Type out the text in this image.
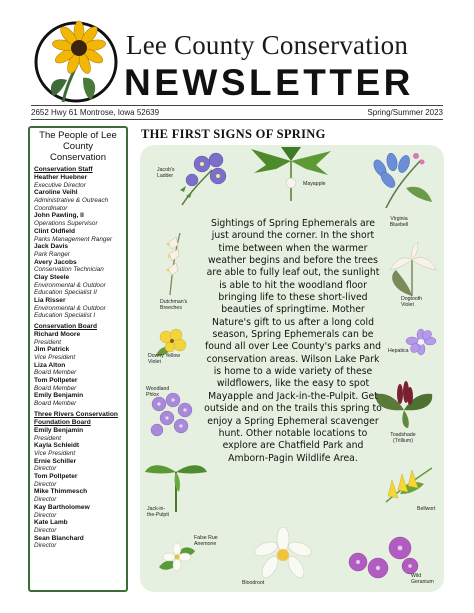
Lee County Conservation
NEWSLETTER
2652 Hwy 61 Montrose, Iowa 52639	Spring/Summer 2023
The People of Lee County Conservation
Conservation Staff
Heather Huebner
Executive Director
Caroline Veihl
Administrative & Outreach Coordinator
John Pawling, II
Operations Supervisor
Clint Oldfield
Parks Management Ranger
Jack Davis
Park Ranger
Avery Jacobs
Conservation Technician
Clay Steele
Environmental & Outdoor Education Specialist II
Lia Risser
Environmental & Outdoor Education Specialist I
Conservation Board
Richard Moore
President
Jim Patrick
Vice President
Liza Alton
Board Member
Tom Pollpeter
Board Member
Emily Benjamin
Board Member
Three Rivers Conservation Foundation Board
Emily Benjamin
President
Kayla Schleidt
Vice President
Ernie Schiller
Director
Tom Pollpeter
Director
Mike Thimmesch
Director
Kay Bartholomew
Director
Kate Lamb
Director
Sean Blanchard
Director
THE FIRST SIGNS OF SPRING
Jacob's Ladder
Mayapple
Virginia Bluebell
Dutchman's Breeches
Dogtooth Violet
Downy Yellow Violet
Hepatica
Woodland Phlox
Toadshade (Trillium)
Jack-in-the-Pulpit
Bellwort
False Rue Anemone
Bloodroot
Wild Geranium
Sightings of Spring Ephemerals are just around the corner. In the short time between when the warmer weather begins and before the trees are able to fully leaf out, the sunlight is able to hit the woodland floor bringing life to these short-lived beauties of springtime. Mother Nature's gift to us after a long cold season, Spring Ephemerals can be found all over Lee County's parks and conservation areas. Wilson Lake Park is home to a wide variety of these wildflowers, like the easy to spot Mayapple and Jack-in-the-Pulpit. Get outside and on the trails this spring to enjoy a Spring Ephemeral scavenger hunt. Other notable locations to explore are Chatfield Park and Amborn-Pagin Wildlife Area.
